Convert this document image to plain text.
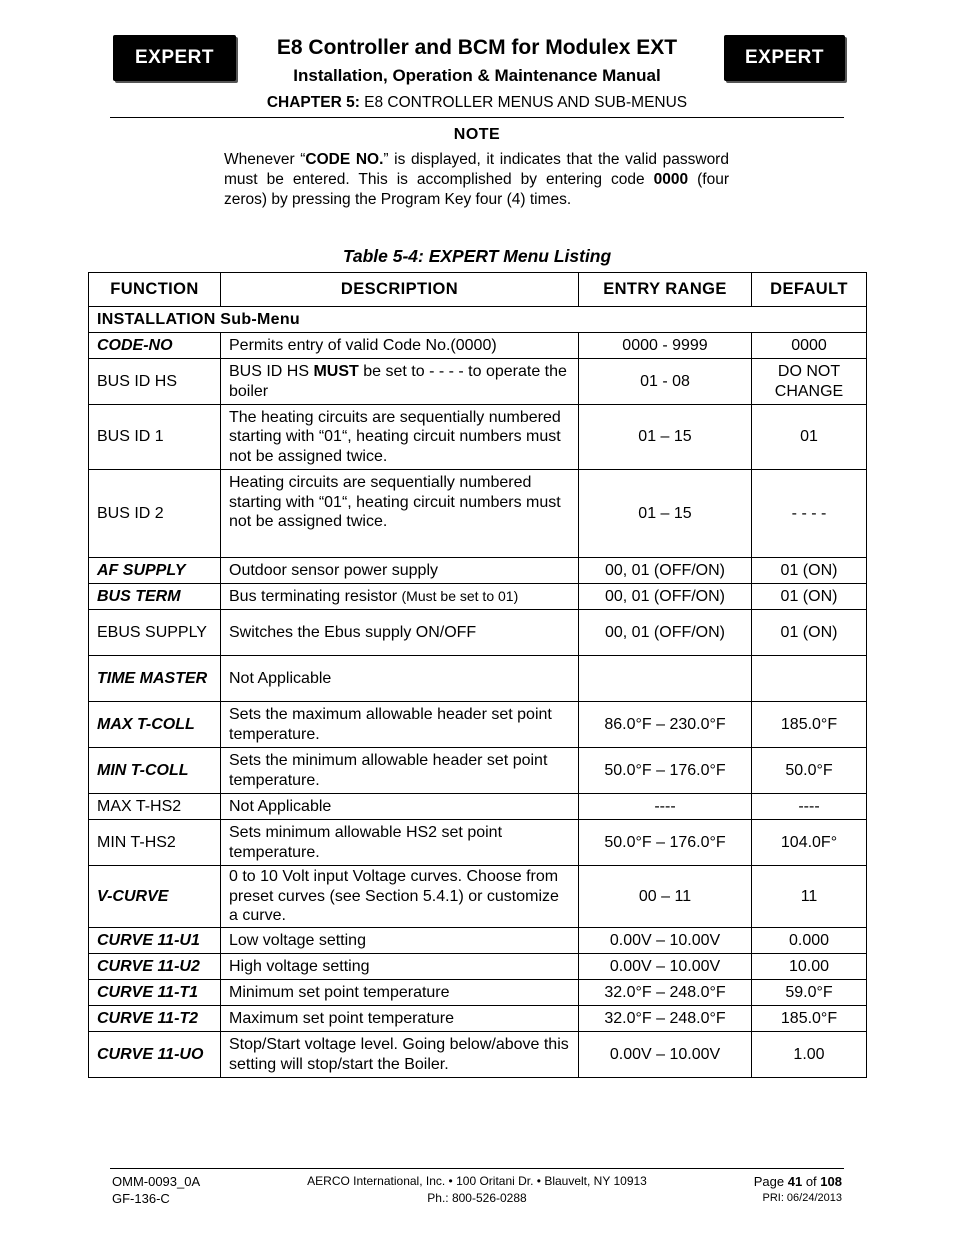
EXPERT	EXPERT
E8 Controller and BCM for Modulex EXT
Installation, Operation & Maintenance Manual
CHAPTER 5: E8 CONTROLLER MENUS AND SUB-MENUS
NOTE
Whenever “CODE NO.” is displayed, it indicates that the valid password must be entered. This is accomplished by entering code 0000 (four zeros) by pressing the Program Key four (4) times.
Table 5-4: EXPERT Menu Listing
FUNCTION	DESCRIPTION	ENTRY RANGE	DEFAULT
INSTALLATION Sub-Menu			
CODE-NO	Permits entry of valid Code No.(0000)	0000 - 9999	0000
BUS ID HS	BUS ID HS MUST be set to - - - - to operate the boiler	01 - 08	DO NOT CHANGE
BUS ID 1	The heating circuits are sequentially numbered starting with “01“, heating circuit numbers must not be assigned twice.	01 – 15	01
BUS ID 2	Heating circuits are sequentially numbered starting with “01“, heating circuit numbers must not be assigned twice.	01 – 15	- - - -
AF SUPPLY	Outdoor sensor power supply	00, 01 (OFF/ON)	01 (ON)
BUS TERM	Bus terminating resistor (Must be set to 01)	00, 01 (OFF/ON)	01 (ON)
EBUS SUPPLY	Switches the Ebus supply ON/OFF	00, 01 (OFF/ON)	01 (ON)
TIME MASTER	Not Applicable		
MAX T-COLL	Sets the maximum allowable header set point temperature.	86.0°F – 230.0°F	185.0°F
MIN T-COLL	Sets the minimum allowable header set point temperature.	50.0°F – 176.0°F	50.0°F
MAX T-HS2	Not Applicable	----	----
MIN T-HS2	Sets minimum allowable HS2 set point temperature.	50.0°F – 176.0°F	104.0F°
V-CURVE	0 to 10 Volt input Voltage curves. Choose from preset curves (see Section 5.4.1) or customize a curve.	00 – 11	11
CURVE 11-U1	Low voltage setting	0.00V – 10.00V	0.000
CURVE 11-U2	High voltage setting	0.00V – 10.00V	10.00
CURVE 11-T1	Minimum set point temperature	32.0°F – 248.0°F	59.0°F
CURVE 11-T2	Maximum set point temperature	32.0°F – 248.0°F	185.0°F
CURVE 11-UO	Stop/Start voltage level. Going below/above this setting will stop/start the Boiler.	0.00V – 10.00V	1.00
OMM-0093_0A
GF-136-C
AERCO International, Inc. • 100 Oritani Dr. • Blauvelt, NY 10913
Ph.: 800-526-0288
Page 41 of 108
PRI: 06/24/2013
